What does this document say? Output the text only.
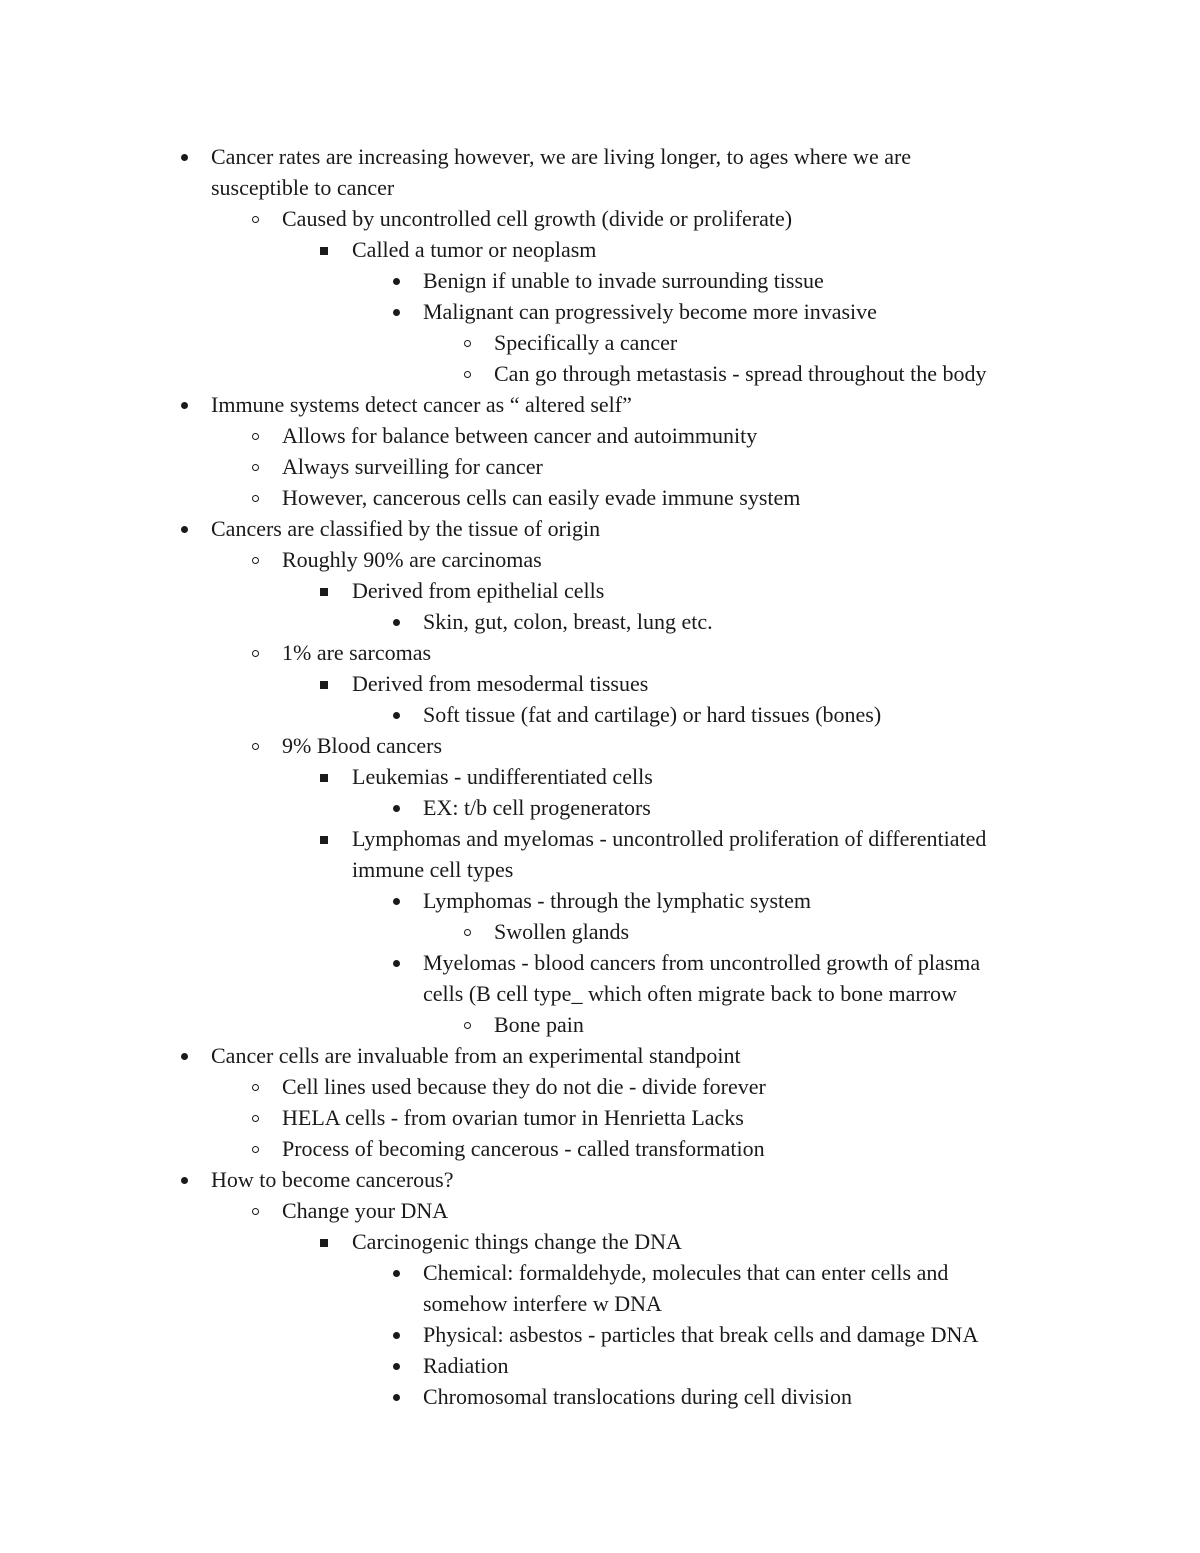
Cancer rates are increasing however, we are living longer, to ages where we are
susceptible to cancer
Caused by uncontrolled cell growth (divide or proliferate)
Called a tumor or neoplasm
Benign if unable to invade surrounding tissue
Malignant can progressively become more invasive
Specifically a cancer
Can go through metastasis - spread throughout the body
Immune systems detect cancer as “ altered self”
Allows for balance between cancer and autoimmunity
Always surveilling for cancer
However, cancerous cells can easily evade immune system
Cancers are classified by the tissue of origin
Roughly 90% are carcinomas
Derived from epithelial cells
Skin, gut, colon, breast, lung etc.
1% are sarcomas
Derived from mesodermal tissues
Soft tissue (fat and cartilage) or hard tissues (bones)
9% Blood cancers
Leukemias - undifferentiated cells
EX: t/b cell progenerators
Lymphomas and myelomas - uncontrolled proliferation of differentiated
immune cell types
Lymphomas - through the lymphatic system
Swollen glands
Myelomas - blood cancers from uncontrolled growth of plasma
cells (B cell type_ which often migrate back to bone marrow
Bone pain
Cancer cells are invaluable from an experimental standpoint
Cell lines used because they do not die - divide forever
HELA cells - from ovarian tumor in Henrietta Lacks
Process of becoming cancerous - called transformation
How to become cancerous?
Change your DNA
Carcinogenic things change the DNA
Chemical: formaldehyde, molecules that can enter cells and
somehow interfere w DNA
Physical: asbestos - particles that break cells and damage DNA
Radiation
Chromosomal translocations during cell division
